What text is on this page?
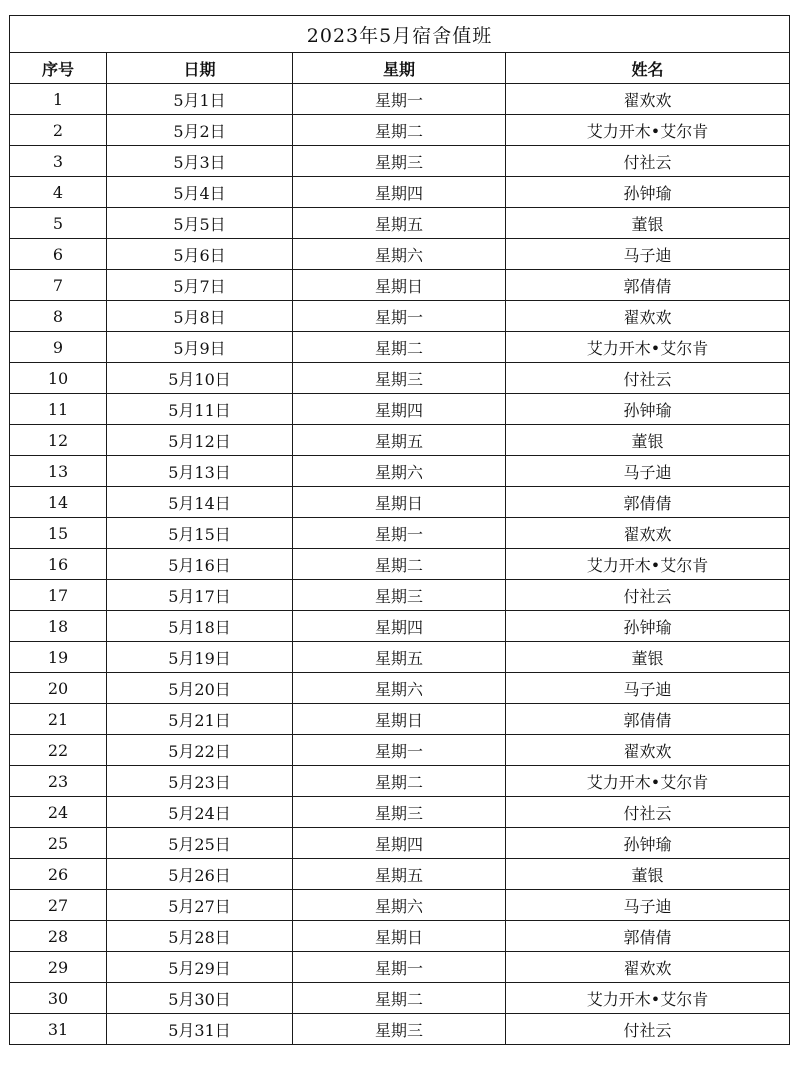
2023年5月宿舍值班			
序号	日期	星期	姓名
1	5月1日	星期一	翟欢欢
2	5月2日	星期二	艾力开木•艾尔肯
3	5月3日	星期三	付社云
4	5月4日	星期四	孙钟瑜
5	5月5日	星期五	董银
6	5月6日	星期六	马子迪
7	5月7日	星期日	郭倩倩
8	5月8日	星期一	翟欢欢
9	5月9日	星期二	艾力开木•艾尔肯
10	5月10日	星期三	付社云
11	5月11日	星期四	孙钟瑜
12	5月12日	星期五	董银
13	5月13日	星期六	马子迪
14	5月14日	星期日	郭倩倩
15	5月15日	星期一	翟欢欢
16	5月16日	星期二	艾力开木•艾尔肯
17	5月17日	星期三	付社云
18	5月18日	星期四	孙钟瑜
19	5月19日	星期五	董银
20	5月20日	星期六	马子迪
21	5月21日	星期日	郭倩倩
22	5月22日	星期一	翟欢欢
23	5月23日	星期二	艾力开木•艾尔肯
24	5月24日	星期三	付社云
25	5月25日	星期四	孙钟瑜
26	5月26日	星期五	董银
27	5月27日	星期六	马子迪
28	5月28日	星期日	郭倩倩
29	5月29日	星期一	翟欢欢
30	5月30日	星期二	艾力开木•艾尔肯
31	5月31日	星期三	付社云
